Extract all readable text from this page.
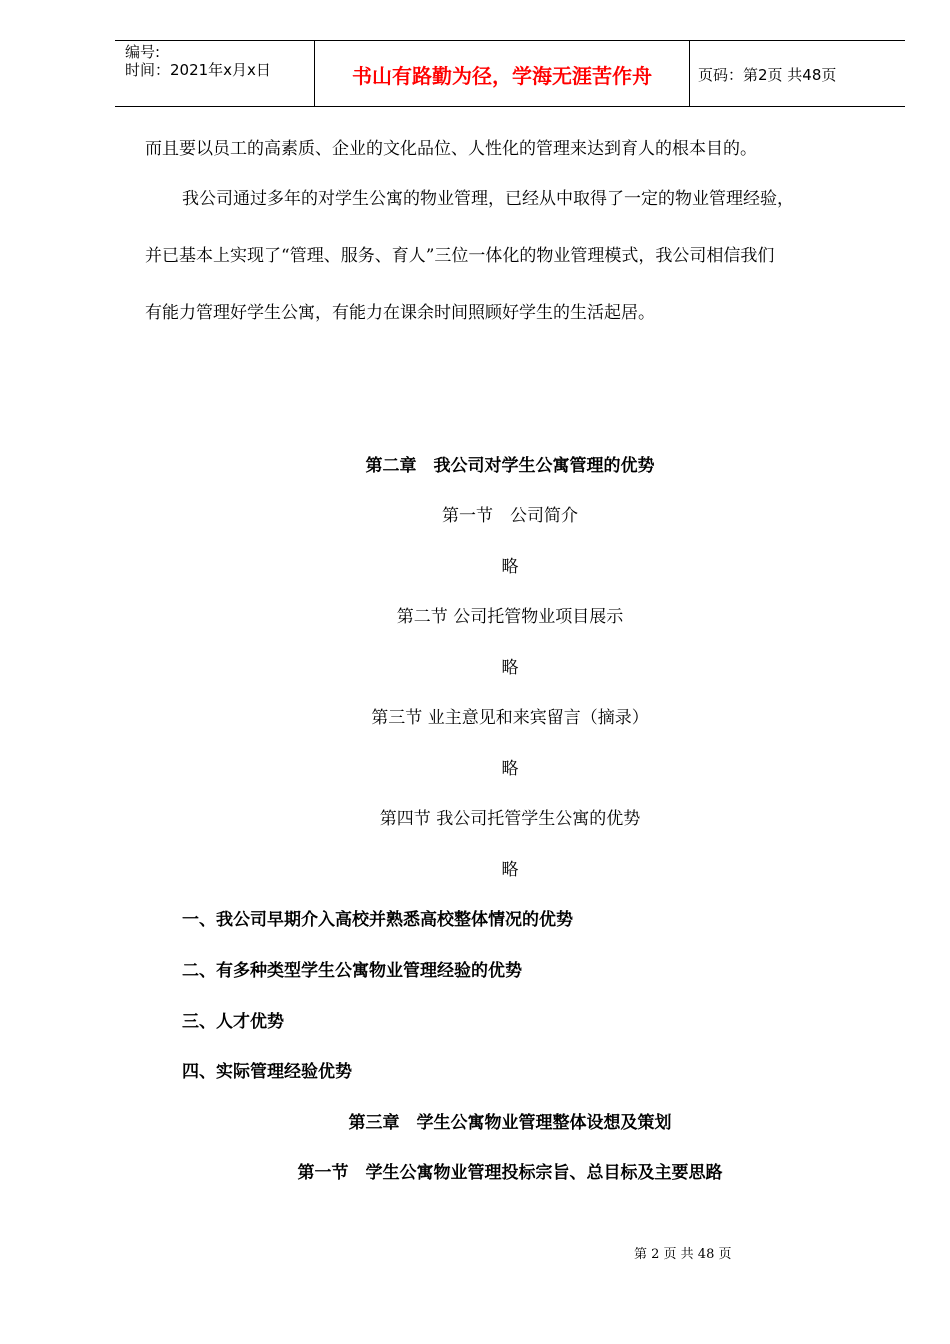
编号:
时间：2021年x月x日	书山有路勤为径，学海无涯苦作舟	页码：第2页 共48页
而且要以员工的高素质、企业的文化品位、人性化的管理来达到育人的根本目的。
我公司通过多年的对学生公寓的物业管理，已经从中取得了一定的物业管理经验，
并已基本上实现了“管理、服务、育人”三位一体化的物业管理模式，我公司相信我们
有能力管理好学生公寓，有能力在课余时间照顾好学生的生活起居。
第二章　我公司对学生公寓管理的优势
第一节　公司简介
略
第二节 公司托管物业项目展示
略
第三节 业主意见和来宾留言（摘录）
略
第四节 我公司托管学生公寓的优势
略
一、我公司早期介入高校并熟悉高校整体情况的优势
二、有多种类型学生公寓物业管理经验的优势
三、人才优势
四、实际管理经验优势
第三章　学生公寓物业管理整体设想及策划
第一节　学生公寓物业管理投标宗旨、总目标及主要思路
第 2 页 共 48 页
